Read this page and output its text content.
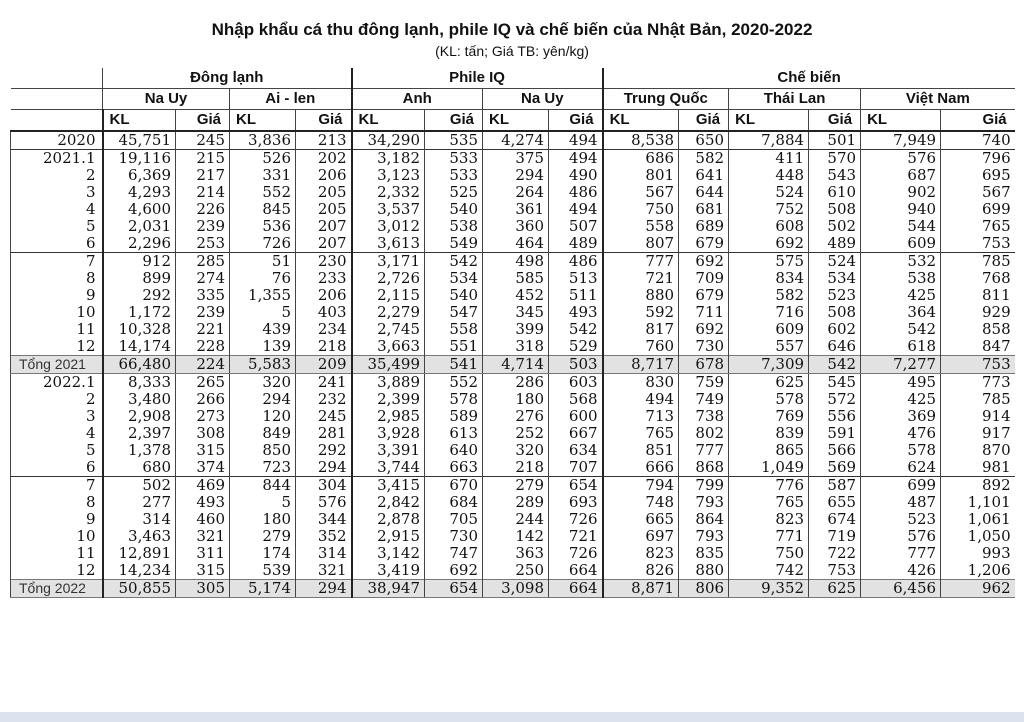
Nhập khẩu cá thu đông lạnh, phile IQ và chế biến của Nhật Bản, 2020-2022
(KL: tấn; Giá TB: yên/kg)
	Đông lạnh				Phile IQ				Chế biến					
	Na Uy		Ai - len		Anh		Na Uy		Trung Quốc		Thái Lan		Việt Nam	
	KL	Giá	KL	Giá	KL	Giá	KL	Giá	KL	Giá	KL	Giá	KL	Giá
2020	45,751	245	3,836	213	34,290	535	4,274	494	8,538	650	7,884	501	7,949	740
2021.1	19,116	215	526	202	3,182	533	375	494	686	582	411	570	576	796
2	6,369	217	331	206	3,123	533	294	490	801	641	448	543	687	695
3	4,293	214	552	205	2,332	525	264	486	567	644	524	610	902	567
4	4,600	226	845	205	3,537	540	361	494	750	681	752	508	940	699
5	2,031	239	536	207	3,012	538	360	507	558	689	608	502	544	765
6	2,296	253	726	207	3,613	549	464	489	807	679	692	489	609	753
7	912	285	51	230	3,171	542	498	486	777	692	575	524	532	785
8	899	274	76	233	2,726	534	585	513	721	709	834	534	538	768
9	292	335	1,355	206	2,115	540	452	511	880	679	582	523	425	811
10	1,172	239	5	403	2,279	547	345	493	592	711	716	508	364	929
11	10,328	221	439	234	2,745	558	399	542	817	692	609	602	542	858
12	14,174	228	139	218	3,663	551	318	529	760	730	557	646	618	847
Tổng 2021	66,480	224	5,583	209	35,499	541	4,714	503	8,717	678	7,309	542	7,277	753
2022.1	8,333	265	320	241	3,889	552	286	603	830	759	625	545	495	773
2	3,480	266	294	232	2,399	578	180	568	494	749	578	572	425	785
3	2,908	273	120	245	2,985	589	276	600	713	738	769	556	369	914
4	2,397	308	849	281	3,928	613	252	667	765	802	839	591	476	917
5	1,378	315	850	292	3,391	640	320	634	851	777	865	566	578	870
6	680	374	723	294	3,744	663	218	707	666	868	1,049	569	624	981
7	502	469	844	304	3,415	670	279	654	794	799	776	587	699	892
8	277	493	5	576	2,842	684	289	693	748	793	765	655	487	1,101
9	314	460	180	344	2,878	705	244	726	665	864	823	674	523	1,061
10	3,463	321	279	352	2,915	730	142	721	697	793	771	719	576	1,050
11	12,891	311	174	314	3,142	747	363	726	823	835	750	722	777	993
12	14,234	315	539	321	3,419	692	250	664	826	880	742	753	426	1,206
Tổng 2022	50,855	305	5,174	294	38,947	654	3,098	664	8,871	806	9,352	625	6,456	962
